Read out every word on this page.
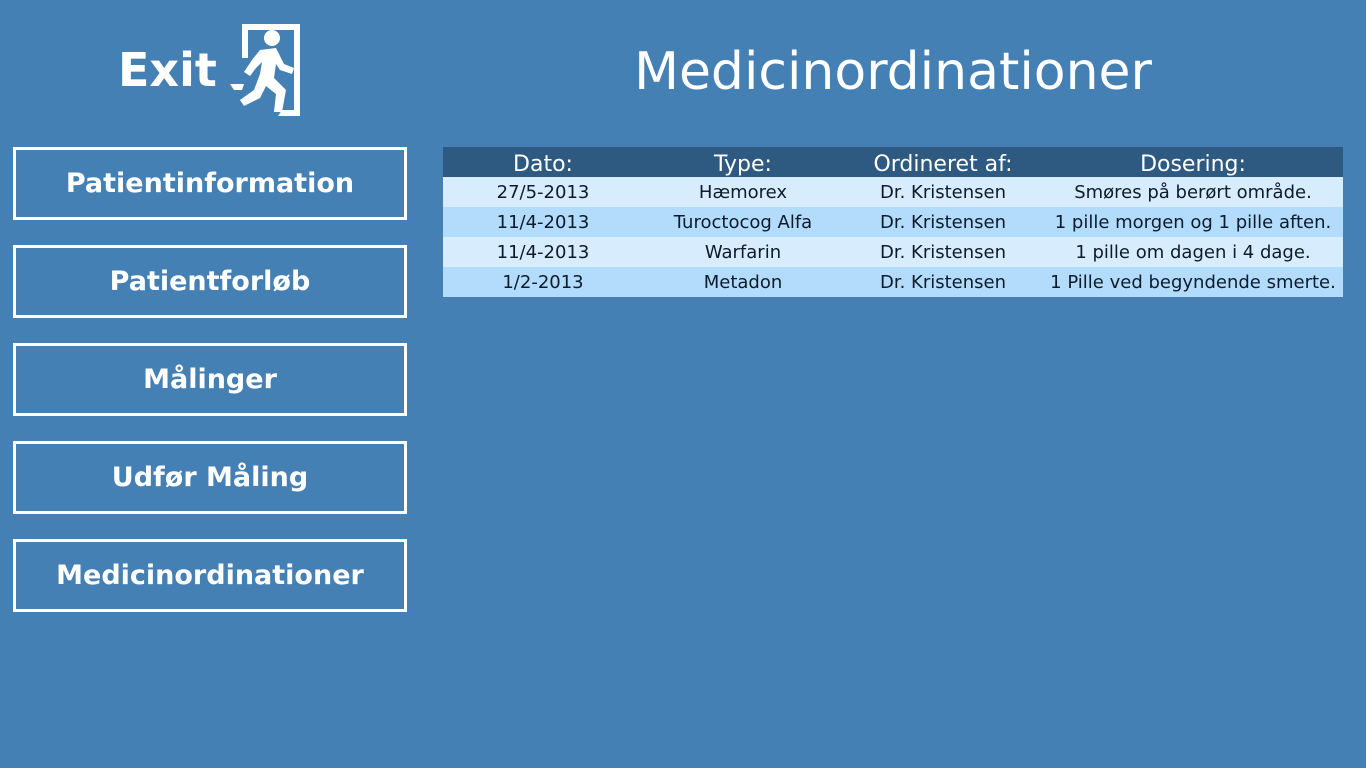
Exit	Medicinordinationer
Patientinformation
Patientforløb
Målinger
Udfør Måling
Medicinordinationer
Dato:	Type:	Ordineret af:	Dosering:
27/5-2013	Hæmorex	Dr. Kristensen	Smøres på berørt område.
11/4-2013	Turoctocog Alfa	Dr. Kristensen	1 pille morgen og 1 pille aften.
11/4-2013	Warfarin	Dr. Kristensen	1 pille om dagen i 4 dage.
1/2-2013	Metadon	Dr. Kristensen	1 Pille ved begyndende smerte.
